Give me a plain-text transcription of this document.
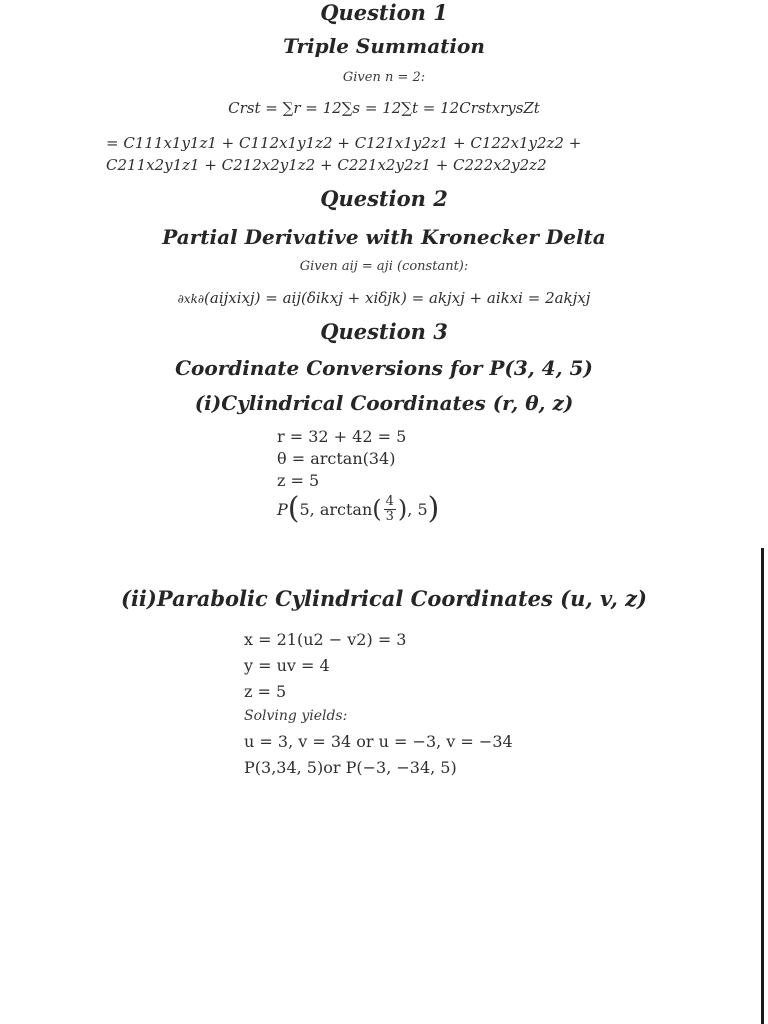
Question 1
Triple Summation
Given n = 2:
Crst = ∑r = 12∑s = 12∑t = 12CrstxrysZt
= C111x1y1z1 + C112x1y1z2 + C121x1y2z1 + C122x1y2z2 +
C211x2y1z1 + C212x2y1z2 + C221x2y2z1 + C222x2y2z2
Question 2
Partial Derivative with Kronecker Delta
Given aij = aji (constant):
∂xk∂(aijxixj) = aij(δikxj + xiδjk) = akjxj + aikxi = 2akjxj
Question 3
Coordinate Conversions for P(3, 4, 5)
(i)Cylindrical Coordinates (r, θ, z)
r = 32 + 42 = 5
θ = arctan(34)
z = 5
P ( 5, arctan ( $\frac{4}{3}$ ) , 5 )
(ii)Parabolic Cylindrical Coordinates (u, v, z)
x = 21(u2 − v2) = 3
y = uv = 4
z = 5
Solving yields:
u = 3, v = 34 or u = −3, v = −34
P(3,34, 5)or P(−3, −34, 5)
